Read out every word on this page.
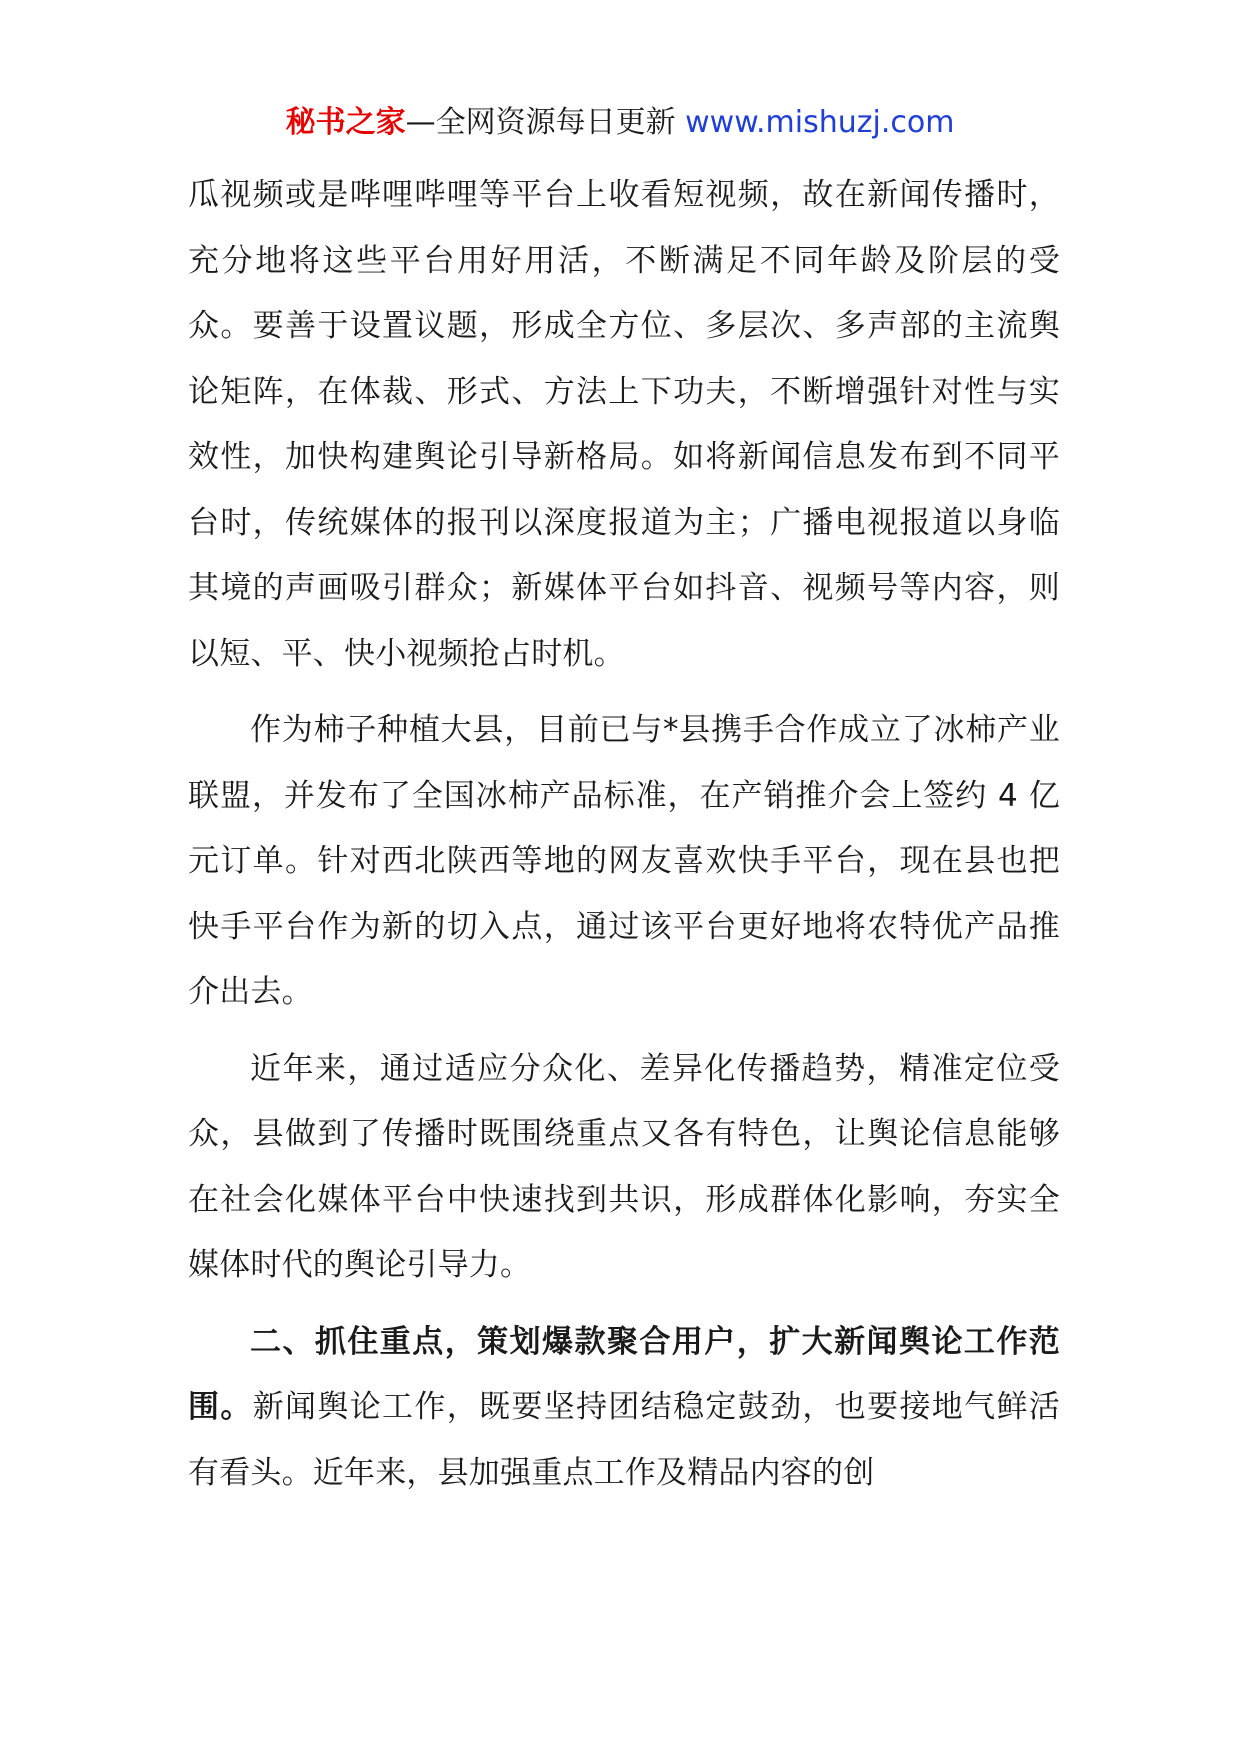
秘书之家—全网资源每日更新 www.mishuzj.com

瓜视频或是哔哩哔哩等平台上收看短视频，故在新闻传播时，充分地将这些平台用好用活，不断满足不同年龄及阶层的受众。要善于设置议题，形成全方位、多层次、多声部的主流舆论矩阵，在体裁、形式、方法上下功夫，不断增强针对性与实效性，加快构建舆论引导新格局。如将新闻信息发布到不同平台时，传统媒体的报刊以深度报道为主；广播电视报道以身临其境的声画吸引群众；新媒体平台如抖音、视频号等内容，则以短、平、快小视频抢占时机。

作为柿子种植大县，目前已与*县携手合作成立了冰柿产业联盟，并发布了全国冰柿产品标准，在产销推介会上签约 4 亿元订单。针对西北陕西等地的网友喜欢快手平台，现在县也把快手平台作为新的切入点，通过该平台更好地将农特优产品推介出去。

近年来，通过适应分众化、差异化传播趋势，精准定位受众，县做到了传播时既围绕重点又各有特色，让舆论信息能够在社会化媒体平台中快速找到共识，形成群体化影响，夯实全媒体时代的舆论引导力。

二、抓住重点，策划爆款聚合用户，扩大新闻舆论工作范围。新闻舆论工作，既要坚持团结稳定鼓劲，也要接地气鲜活有看头。近年来，县加强重点工作及精品内容的创
